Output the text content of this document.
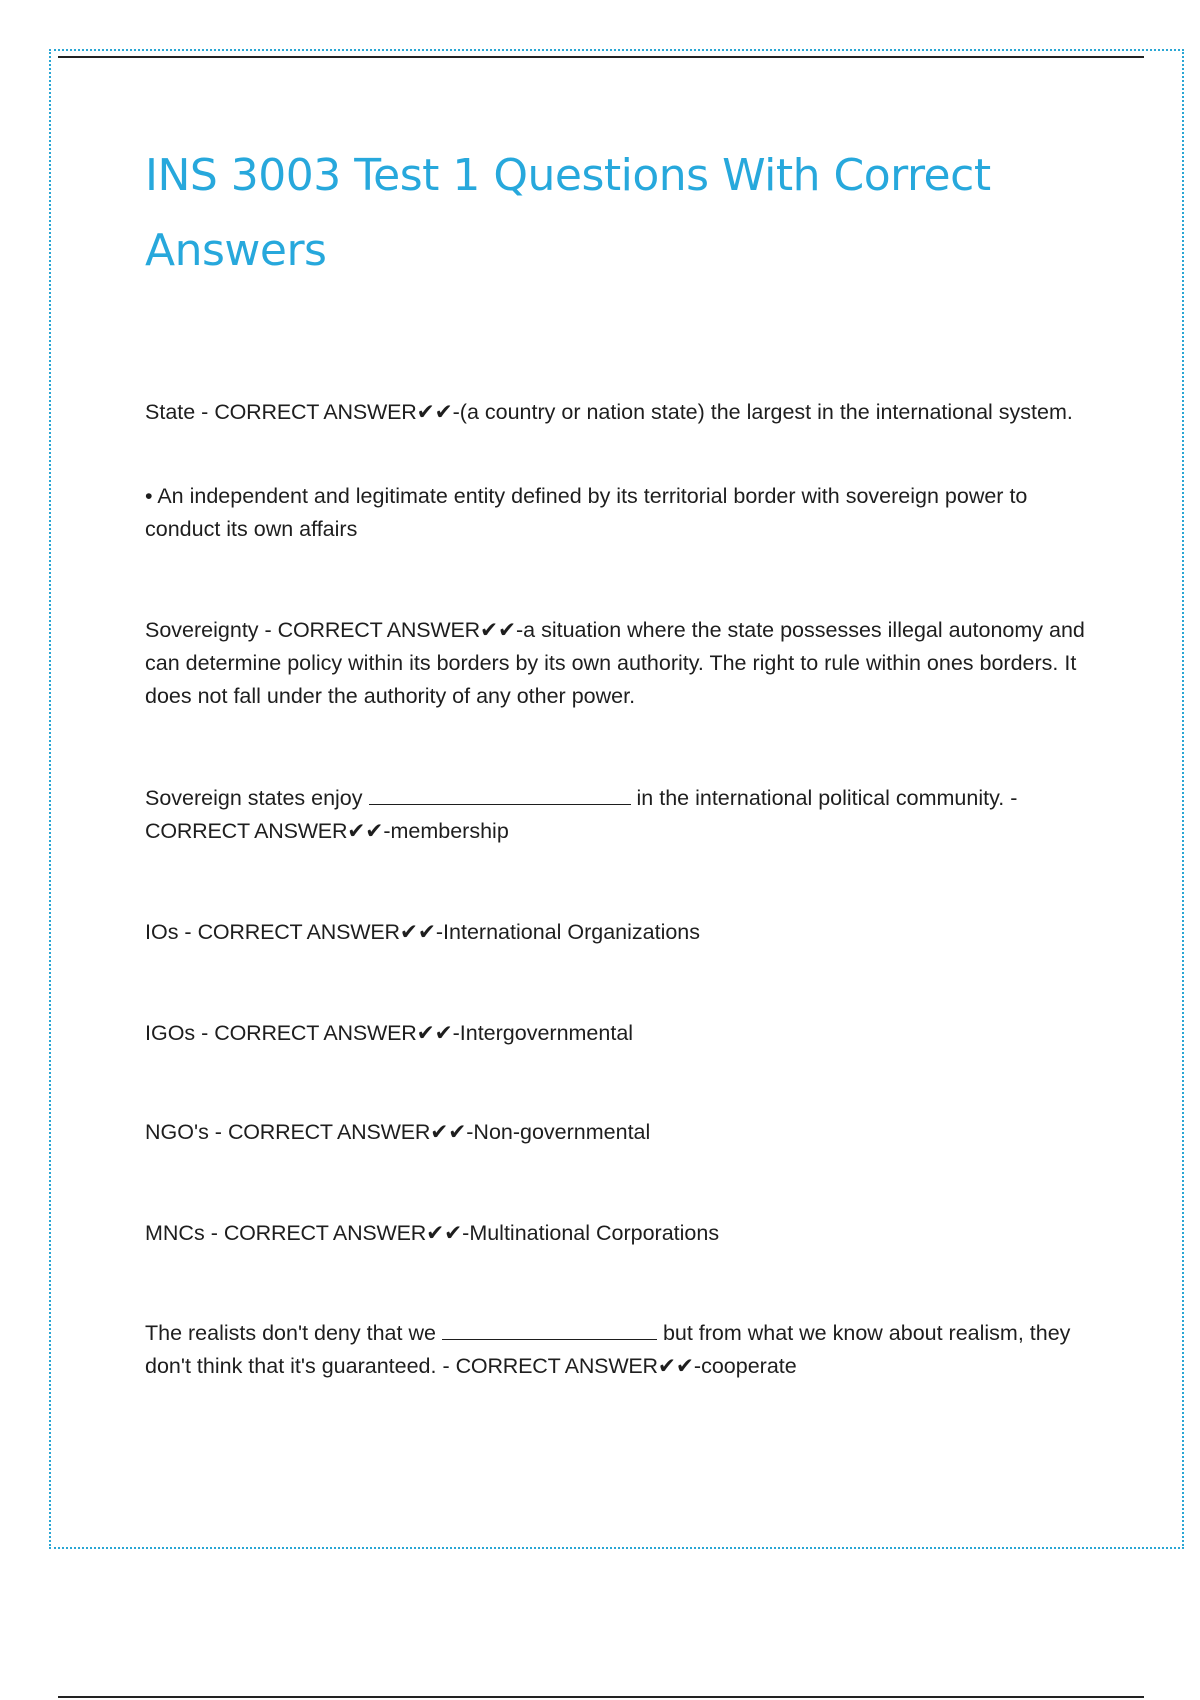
INS 3003 Test 1 Questions With Correct Answers

State - CORRECT ANSWER✔✔-(a country or nation state) the largest in the international system.

• An independent and legitimate entity defined by its territorial border with sovereign power to conduct its own affairs

Sovereignty - CORRECT ANSWER✔✔-a situation where the state possesses illegal autonomy and can determine policy within its borders by its own authority. The right to rule within ones borders. It does not fall under the authority of any other power.

Sovereign states enjoy	in the international political community. - CORRECT ANSWER✔✔-membership

IOs - CORRECT ANSWER✔✔-International Organizations

IGOs - CORRECT ANSWER✔✔-Intergovernmental

NGO's - CORRECT ANSWER✔✔-Non-governmental

MNCs - CORRECT ANSWER✔✔-Multinational Corporations

The realists don't deny that we	but from what we know about realism, they don't think that it's guaranteed. - CORRECT ANSWER✔✔-cooperate
